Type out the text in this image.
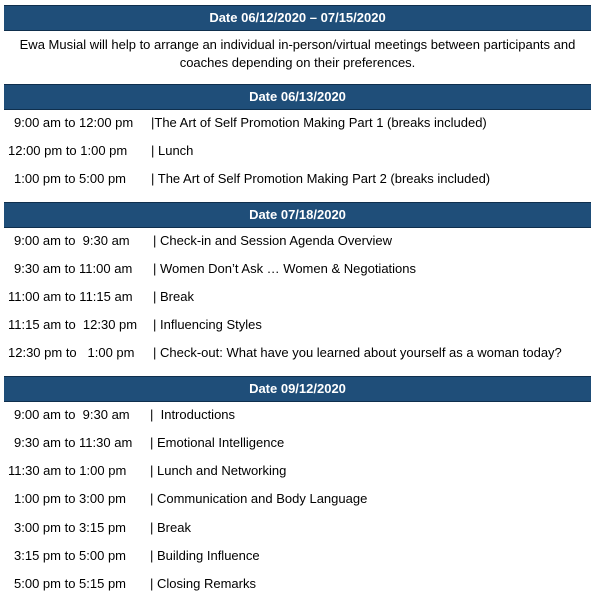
Date 06/12/2020 – 07/15/2020
Ewa Musial will help to arrange an individual in-person/virtual meetings between participants and
coaches depending on their preferences.
Date 06/13/2020
9:00 am to 12:00 pm |The Art of Self Promotion Making Part 1 (breaks included)
12:00 pm to 1:00 pm | Lunch
1:00 pm to 5:00 pm | The Art of Self Promotion Making Part 2 (breaks included)
Date 07/18/2020
9:00 am to  9:30 am | Check-in and Session Agenda Overview
9:30 am to 11:00 am | Women Don’t Ask … Women & Negotiations
11:00 am to 11:15 am | Break
11:15 am to  12:30 pm | Influencing Styles
12:30 pm to   1:00 pm | Check-out: What have you learned about yourself as a woman today?
Date 09/12/2020
9:00 am to  9:30 am |  Introductions
9:30 am to 11:30 am | Emotional Intelligence
11:30 am to 1:00 pm | Lunch and Networking
1:00 pm to 3:00 pm | Communication and Body Language
3:00 pm to 3:15 pm | Break
3:15 pm to 5:00 pm | Building Influence
5:00 pm to 5:15 pm | Closing Remarks
